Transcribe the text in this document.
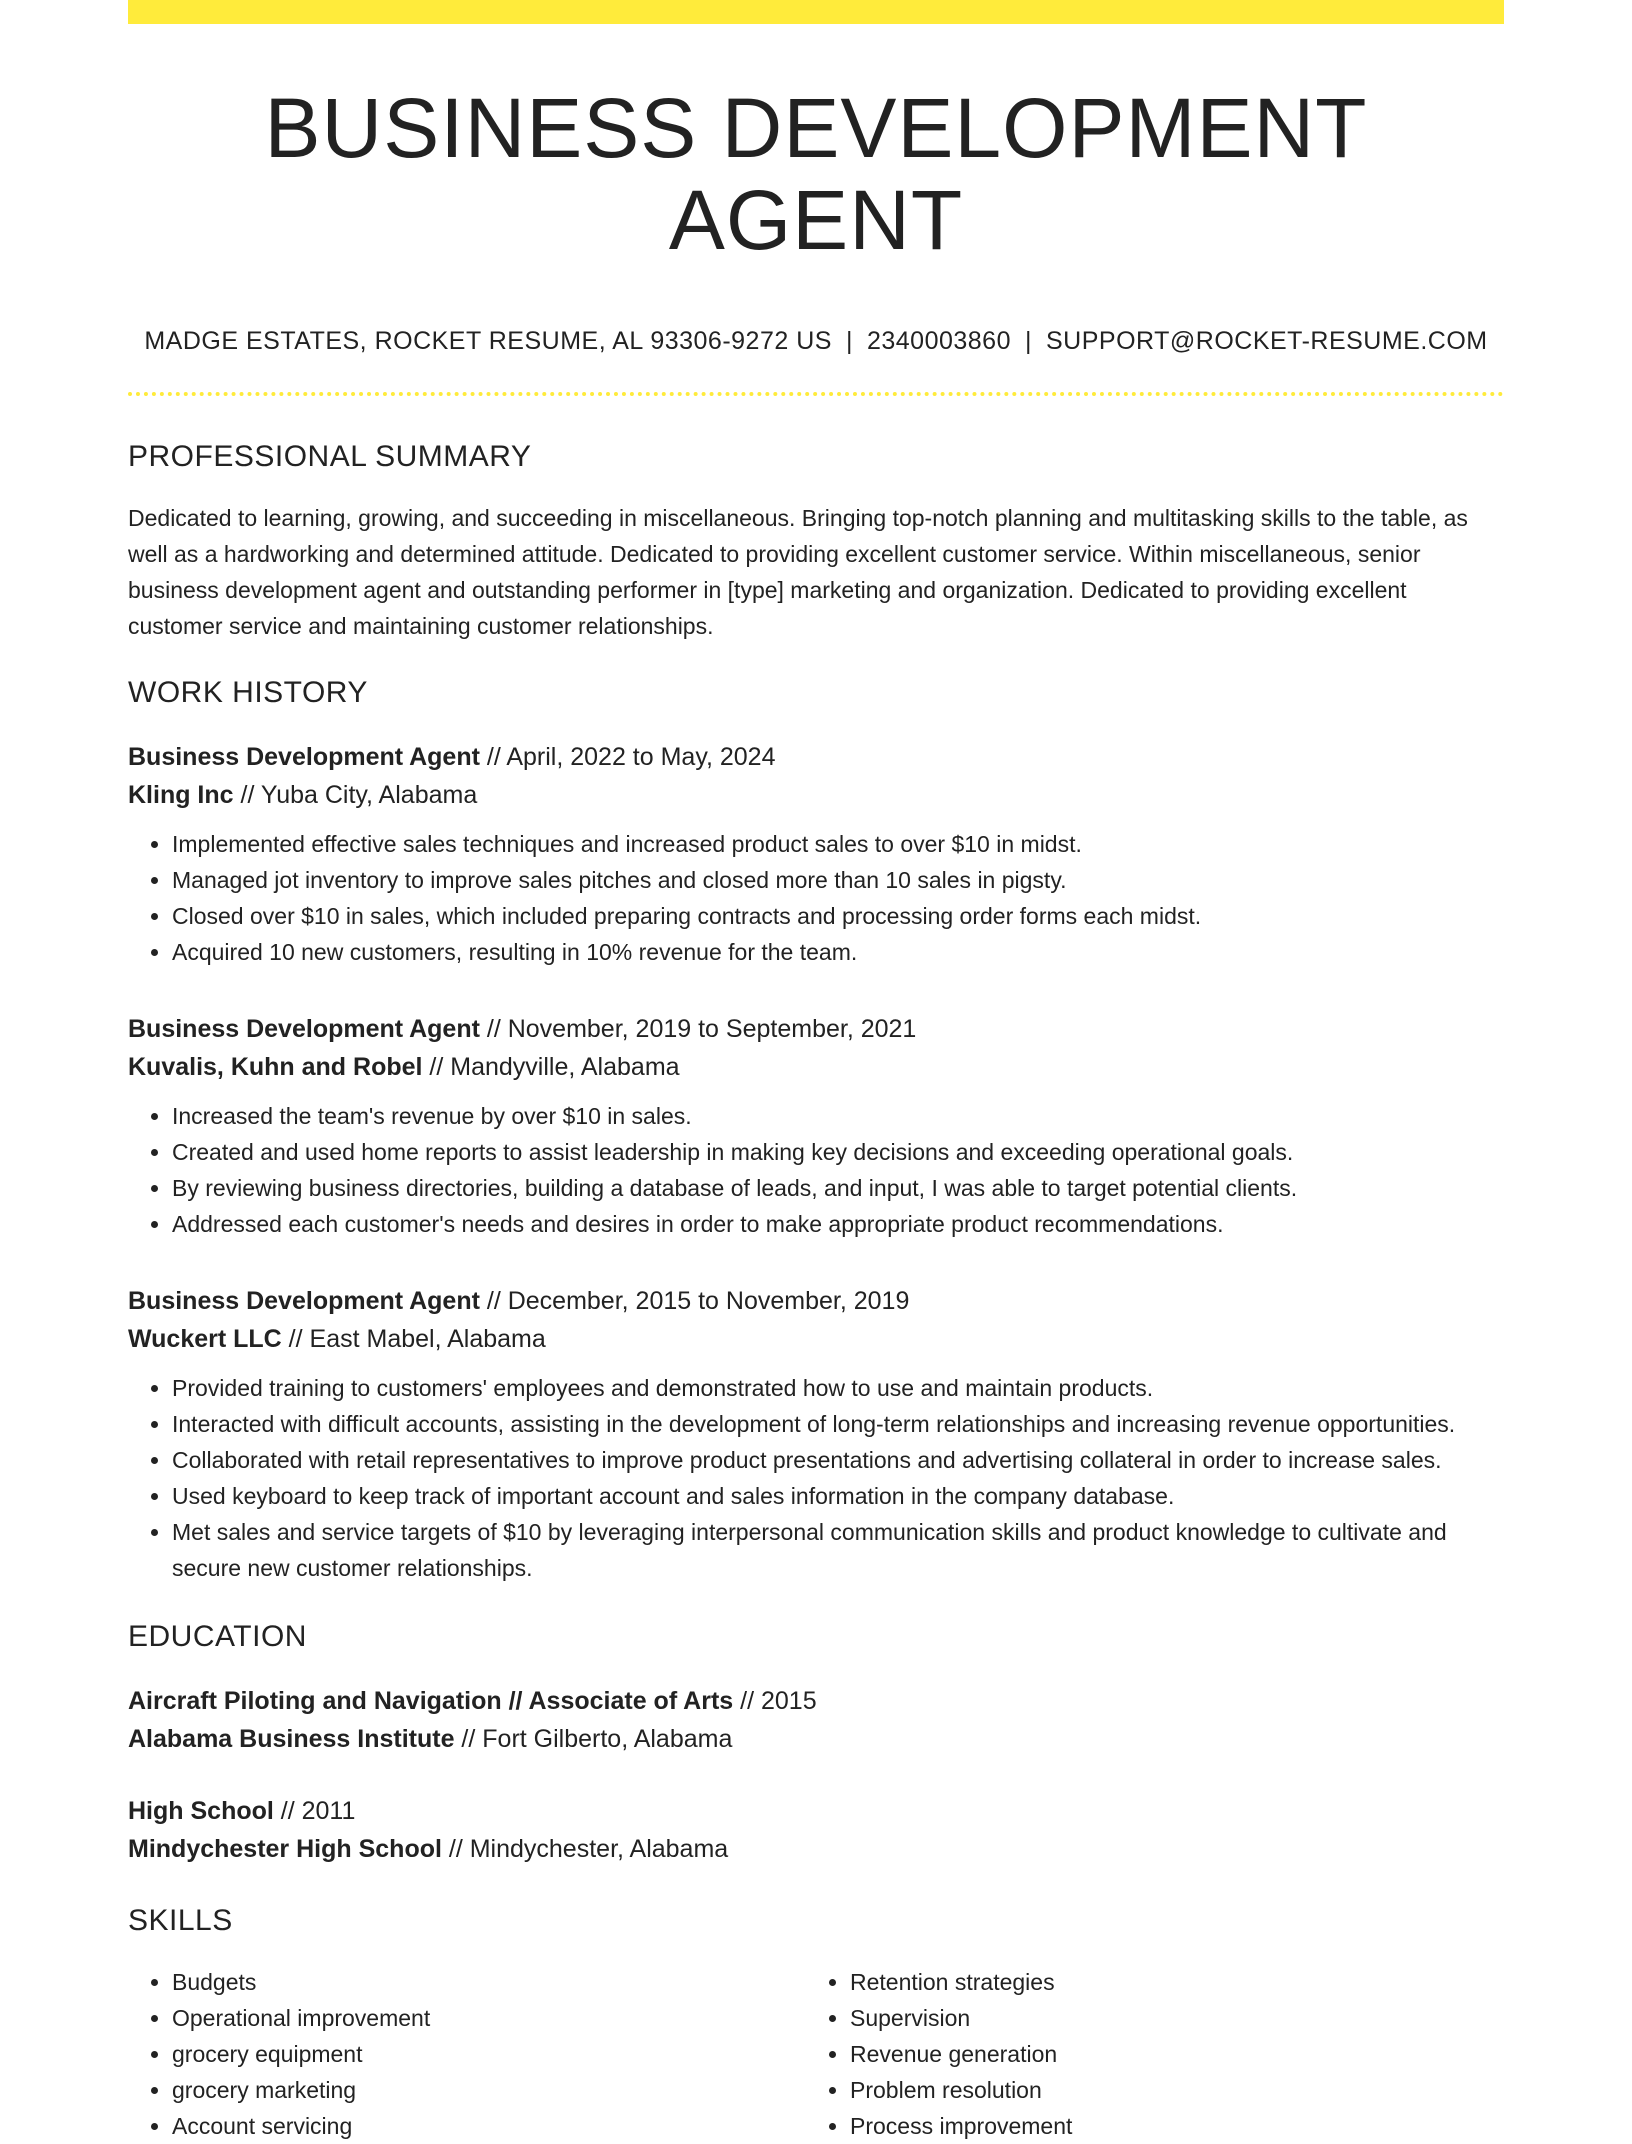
BUSINESS DEVELOPMENT AGENT
MADGE ESTATES, ROCKET RESUME, AL 93306-9272 US | 2340003860 | SUPPORT@ROCKET-RESUME.COM
PROFESSIONAL SUMMARY

Dedicated to learning, growing, and succeeding in miscellaneous. Bringing top-notch planning and multitasking skills to the table, as well as a hardworking and determined attitude. Dedicated to providing excellent customer service. Within miscellaneous, senior business development agent and outstanding performer in [type] marketing and organization. Dedicated to providing excellent customer service and maintaining customer relationships.

WORK HISTORY
Business Development Agent // April, 2022 to May, 2024
Kling Inc // Yuba City, Alabama
• Implemented effective sales techniques and increased product sales to over $10 in midst.
• Managed jot inventory to improve sales pitches and closed more than 10 sales in pigsty.
• Closed over $10 in sales, which included preparing contracts and processing order forms each midst.
• Acquired 10 new customers, resulting in 10% revenue for the team.
Business Development Agent // November, 2019 to September, 2021
Kuvalis, Kuhn and Robel // Mandyville, Alabama
• Increased the team's revenue by over $10 in sales.
• Created and used home reports to assist leadership in making key decisions and exceeding operational goals.
• By reviewing business directories, building a database of leads, and input, I was able to target potential clients.
• Addressed each customer's needs and desires in order to make appropriate product recommendations.
Business Development Agent // December, 2015 to November, 2019
Wuckert LLC // East Mabel, Alabama
• Provided training to customers' employees and demonstrated how to use and maintain products.
• Interacted with difficult accounts, assisting in the development of long-term relationships and increasing revenue opportunities.
• Collaborated with retail representatives to improve product presentations and advertising collateral in order to increase sales.
• Used keyboard to keep track of important account and sales information in the company database.
• Met sales and service targets of $10 by leveraging interpersonal communication skills and product knowledge to cultivate and secure new customer relationships.
EDUCATION
Aircraft Piloting and Navigation // Associate of Arts // 2015
Alabama Business Institute // Fort Gilberto, Alabama
High School // 2011
Mindychester High School // Mindychester, Alabama
SKILLS
• Budgets
• Operational improvement
• grocery equipment
• grocery marketing
• Account servicing
• Retention strategies
• Supervision
• Revenue generation
• Problem resolution
• Process improvement
